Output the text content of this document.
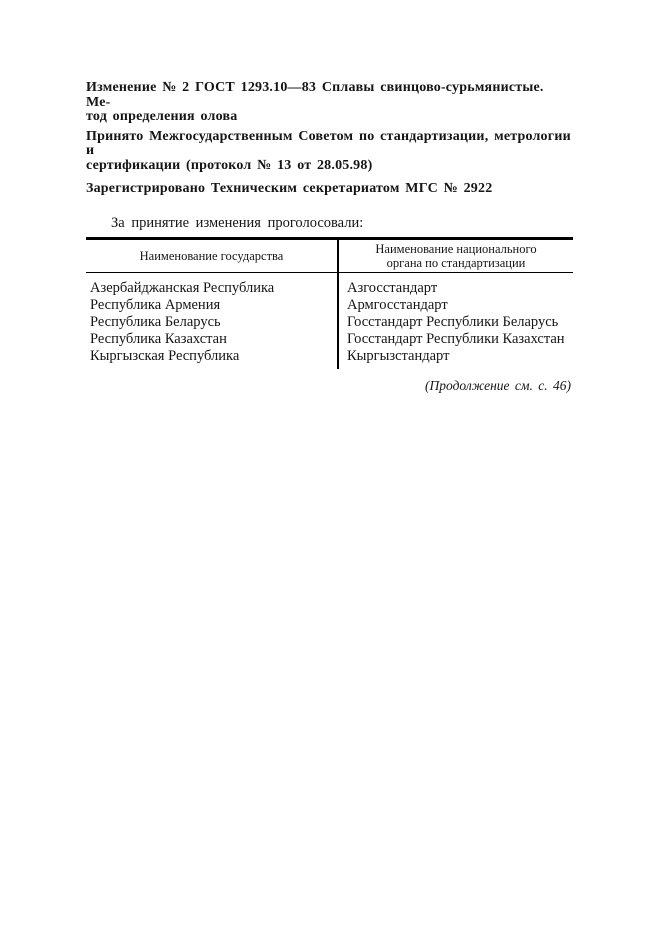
Изменение № 2 ГОСТ 1293.10—83 Сплавы свинцово-сурьмянистые. Ме-
тод определения олова

Принято Межгосударственным Советом по стандартизации, метрологии и
сертификации (протокол № 13 от 28.05.98)

Зарегистрировано Техническим секретариатом МГС № 2922

За принятие изменения проголосовали:

Наименование государства
Азербайджанская Республика
Республика Армения
Республика Беларусь
Республика Казахстан
Кыргызская Республика
Наименование национального
органа по стандартизации
Азгосстандарт
Армгосстандарт
Госстандарт Республики Беларусь
Госстандарт Республики Казахстан
Кыргызстандарт

(Продолжение см. с. 46)
